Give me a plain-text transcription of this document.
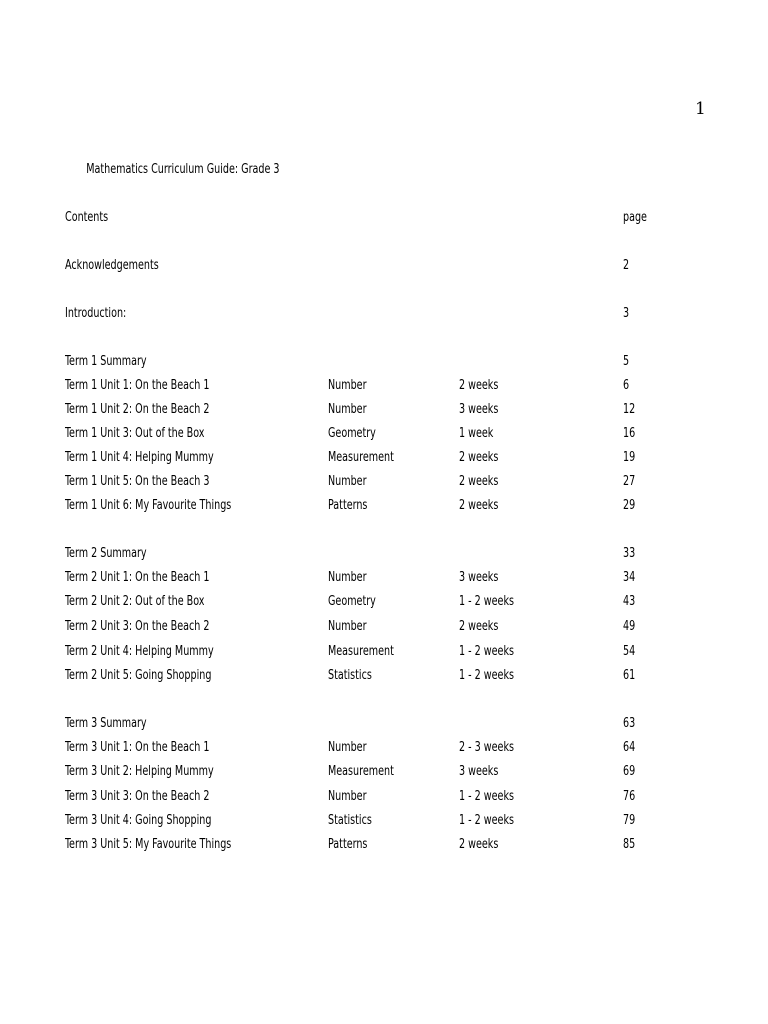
1
Mathematics Curriculum Guide: Grade 3
Contents	page
Acknowledgements	2
Introduction:	3
Term 1 Summary	5
Term 1 Unit 1: On the Beach 1	Number	2 weeks	6
Term 1 Unit 2: On the Beach 2	Number	3 weeks	12
Term 1 Unit 3: Out of the Box	Geometry	1 week	16
Term 1 Unit 4: Helping Mummy	Measurement	2 weeks	19
Term 1 Unit 5: On the Beach 3	Number	2 weeks	27
Term 1 Unit 6: My Favourite Things	Patterns	2 weeks	29
Term 2 Summary	33
Term 2 Unit 1: On the Beach 1	Number	3 weeks	34
Term 2 Unit 2: Out of the Box	Geometry	1 - 2 weeks	43
Term 2 Unit 3: On the Beach 2	Number	2 weeks	49
Term 2 Unit 4: Helping Mummy	Measurement	1 - 2 weeks	54
Term 2 Unit 5: Going Shopping	Statistics	1 - 2 weeks	61
Term 3 Summary	63
Term 3 Unit 1: On the Beach 1	Number	2 - 3 weeks	64
Term 3 Unit 2: Helping Mummy	Measurement	3 weeks	69
Term 3 Unit 3: On the Beach 2	Number	1 - 2 weeks	76
Term 3 Unit 4: Going Shopping	Statistics	1 - 2 weeks	79
Term 3 Unit 5: My Favourite Things	Patterns	2 weeks	85
